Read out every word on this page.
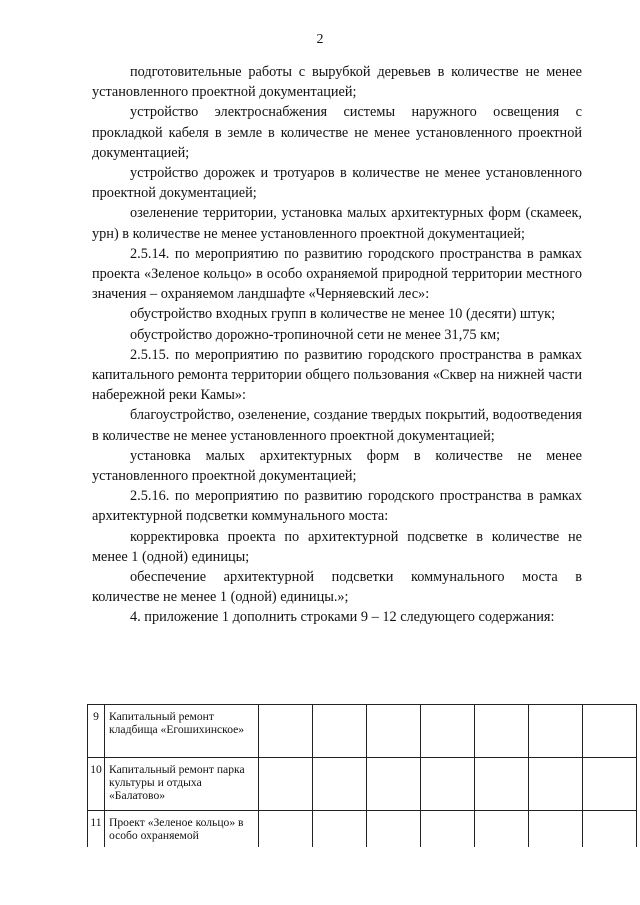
2

подготовительные работы с вырубкой деревьев в количестве не менее установленного проектной документацией;

устройство электроснабжения системы наружного освещения с прокладкой кабеля в земле в количестве не менее установленного проектной документацией;

устройство дорожек и тротуаров в количестве не менее установленного проектной документацией;

озеленение территории, установка малых архитектурных форм (скамеек, урн) в количестве не менее установленного проектной документацией;

2.5.14. по мероприятию по развитию городского пространства в рамках проекта «Зеленое кольцо» в особо охраняемой природной территории местного значения – охраняемом ландшафте «Черняевский лес»:

обустройство входных групп в количестве не менее 10 (десяти) штук;

обустройство дорожно-тропиночной сети не менее 31,75 км;

2.5.15. по мероприятию по развитию городского пространства в рамках капитального ремонта территории общего пользования «Сквер на нижней части набережной реки Камы»:

благоустройство, озеленение, создание твердых покрытий, водоотведения в количестве не менее установленного проектной документацией;

установка малых архитектурных форм в количестве не менее установленного проектной документацией;

2.5.16. по мероприятию по развитию городского пространства в рамках архитектурной подсветки коммунального моста:

корректировка проекта по архитектурной подсветке в количестве не менее 1 (одной) единицы;

обеспечение архитектурной подсветки коммунального моста в количестве не менее 1 (одной) единицы.»;

4. приложение 1 дополнить строками 9 – 12 следующего содержания:

9	Капитальный ремонт кладбища «Егошихинское»							
10	Капитальный ремонт парка культуры и отдыха «Балатово»							
11	Проект «Зеленое кольцо» в особо охраняемой							
